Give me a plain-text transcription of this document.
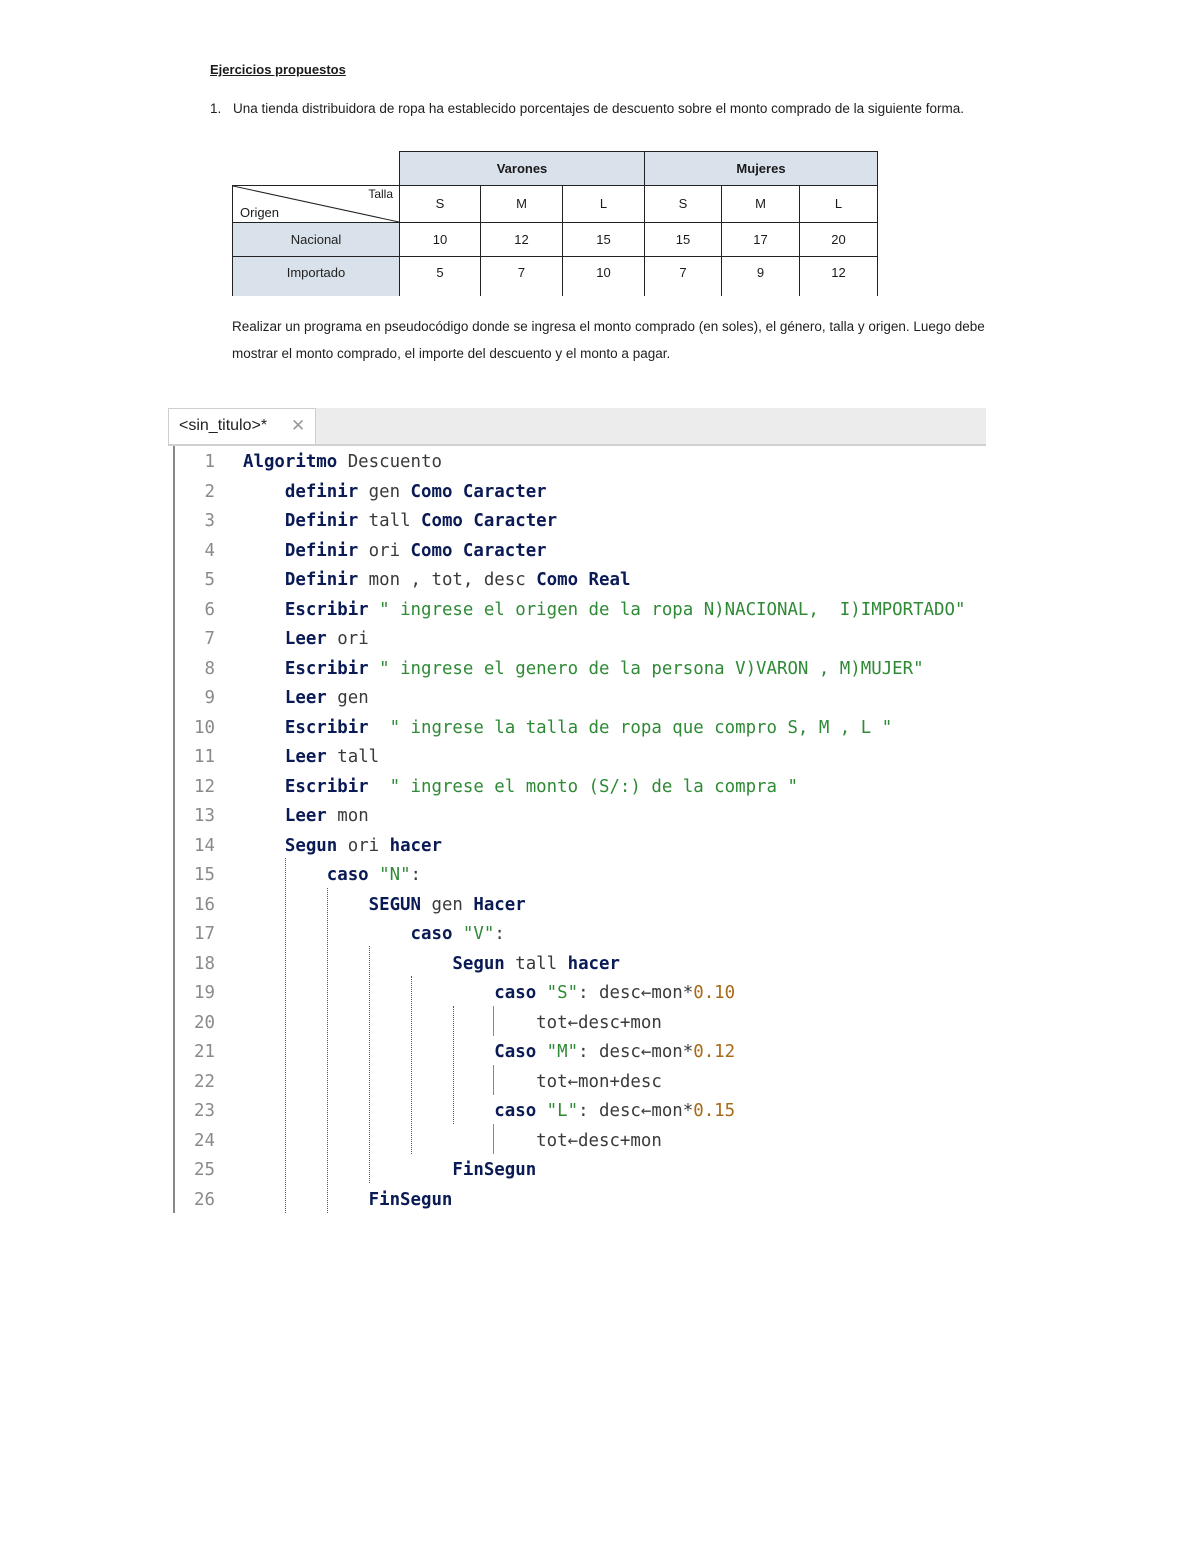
Ejercicios propuestos
1. Una tienda distribuidora de ropa ha establecido porcentajes de descuento sobre el monto comprado de la siguiente forma.
	Varones			Mujeres		

Talla
Origen	S	M	L	S	M	L
Nacional	10	12	15	15	17	20
Importado	5	7	10	7	9	12
Realizar un programa en pseudocódigo donde se ingresa el monto comprado (en soles), el género, talla y origen. Luego debe mostrar el monto comprado, el importe del descuento y el monto a pagar.
<sin_titulo>* ✕
1 Algoritmo Descuento
2	definir gen Como Caracter
3	Definir tall Como Caracter
4	Definir ori Como Caracter
5	Definir mon , tot, desc Como Real
6	Escribir " ingrese el origen de la ropa N)NACIONAL,  I)IMPORTADO"
7	Leer ori
8	Escribir " ingrese el genero de la persona V)VARON , M)MUJER"
9	Leer gen
10	Escribir  " ingrese la talla de ropa que compro S, M , L "
11	Leer tall
12	Escribir  " ingrese el monto (S/:) de la compra "
13	Leer mon
14	Segun ori hacer
15	caso "N":
16	SEGUN gen Hacer
17	caso "V":
18	Segun tall hacer
19	caso "S": desc←mon*0.10
20 tot←desc+mon
21	Caso "M": desc←mon*0.12
22 tot←mon+desc
23	caso "L": desc←mon*0.15
24 tot←desc+mon
25	FinSegun
26	FinSegun
